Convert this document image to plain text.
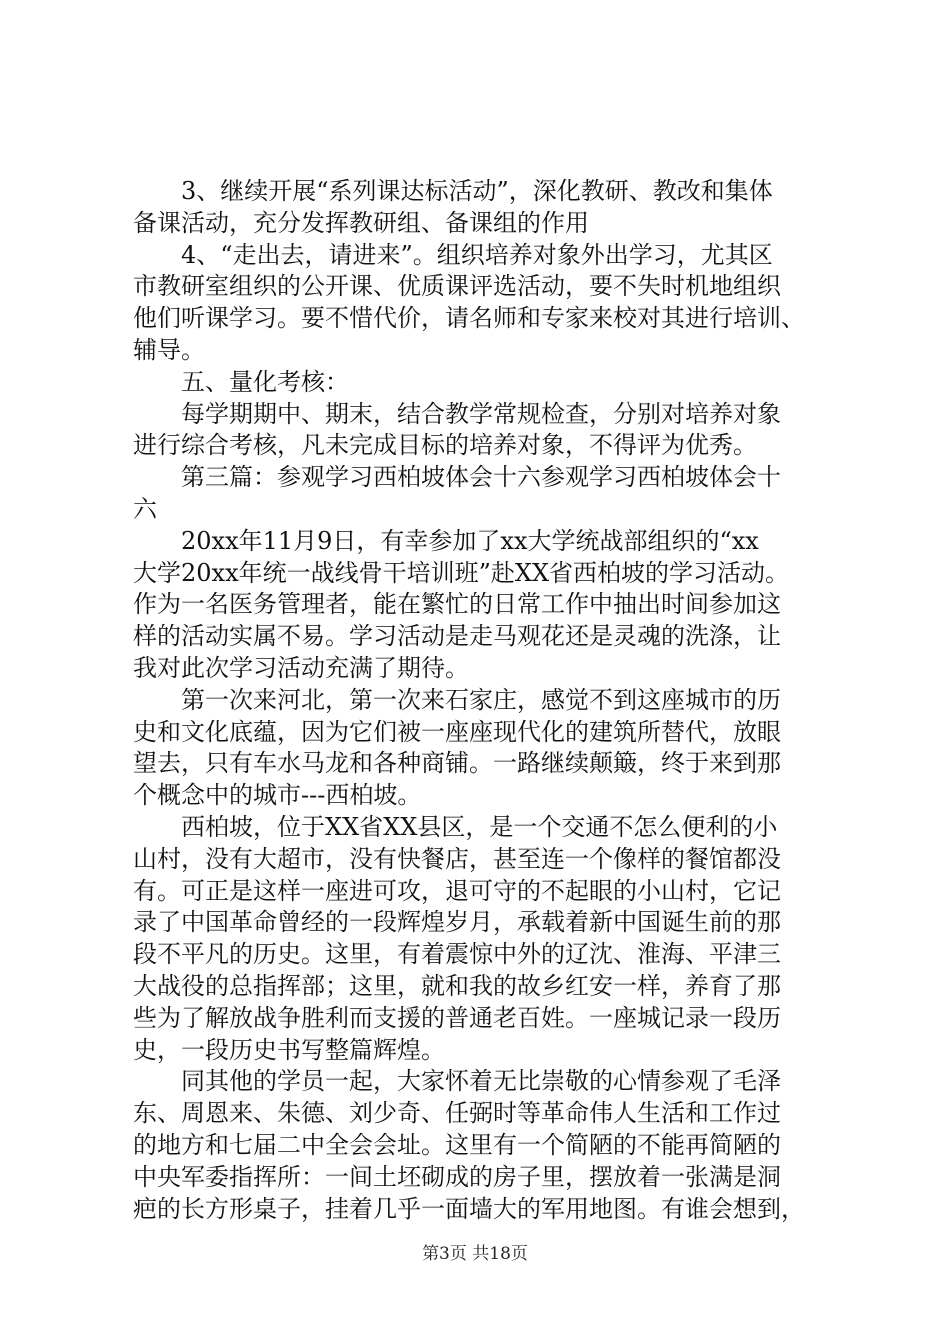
3、继续开展“系列课达标活动”，深化教研、教改和集体
备课活动，充分发挥教研组、备课组的作用
4、“走出去，请进来”。组织培养对象外出学习，尤其区
市教研室组织的公开课、优质课评选活动，要不失时机地组织
他们听课学习。要不惜代价，请名师和专家来校对其进行培训、
辅导。
五、量化考核：
每学期期中、期末，结合教学常规检查，分别对培养对象
进行综合考核，凡未完成目标的培养对象，不得评为优秀。
第三篇：参观学习西柏坡体会十六参观学习西柏坡体会十
六
20xx年11月9日，有幸参加了xx大学统战部组织的“xx
大学20xx年统一战线骨干培训班”赴XX省西柏坡的学习活动。
作为一名医务管理者，能在繁忙的日常工作中抽出时间参加这
样的活动实属不易。学习活动是走马观花还是灵魂的洗涤，让
我对此次学习活动充满了期待。
第一次来河北，第一次来石家庄，感觉不到这座城市的历
史和文化底蕴，因为它们被一座座现代化的建筑所替代，放眼
望去，只有车水马龙和各种商铺。一路继续颠簸，终于来到那
个概念中的城市---西柏坡。
西柏坡，位于XX省XX县区，是一个交通不怎么便利的小
山村，没有大超市，没有快餐店，甚至连一个像样的餐馆都没
有。可正是这样一座进可攻，退可守的不起眼的小山村，它记
录了中国革命曾经的一段辉煌岁月，承载着新中国诞生前的那
段不平凡的历史。这里，有着震惊中外的辽沈、淮海、平津三
大战役的总指挥部；这里，就和我的故乡红安一样，养育了那
些为了解放战争胜利而支援的普通老百姓。一座城记录一段历
史，一段历史书写整篇辉煌。
同其他的学员一起，大家怀着无比崇敬的心情参观了毛泽
东、周恩来、朱德、刘少奇、任弼时等革命伟人生活和工作过
的地方和七届二中全会会址。这里有一个简陋的不能再简陋的
中央军委指挥所：一间土坯砌成的房子里，摆放着一张满是洞
疤的长方形桌子，挂着几乎一面墙大的军用地图。有谁会想到，
第3页 共18页
